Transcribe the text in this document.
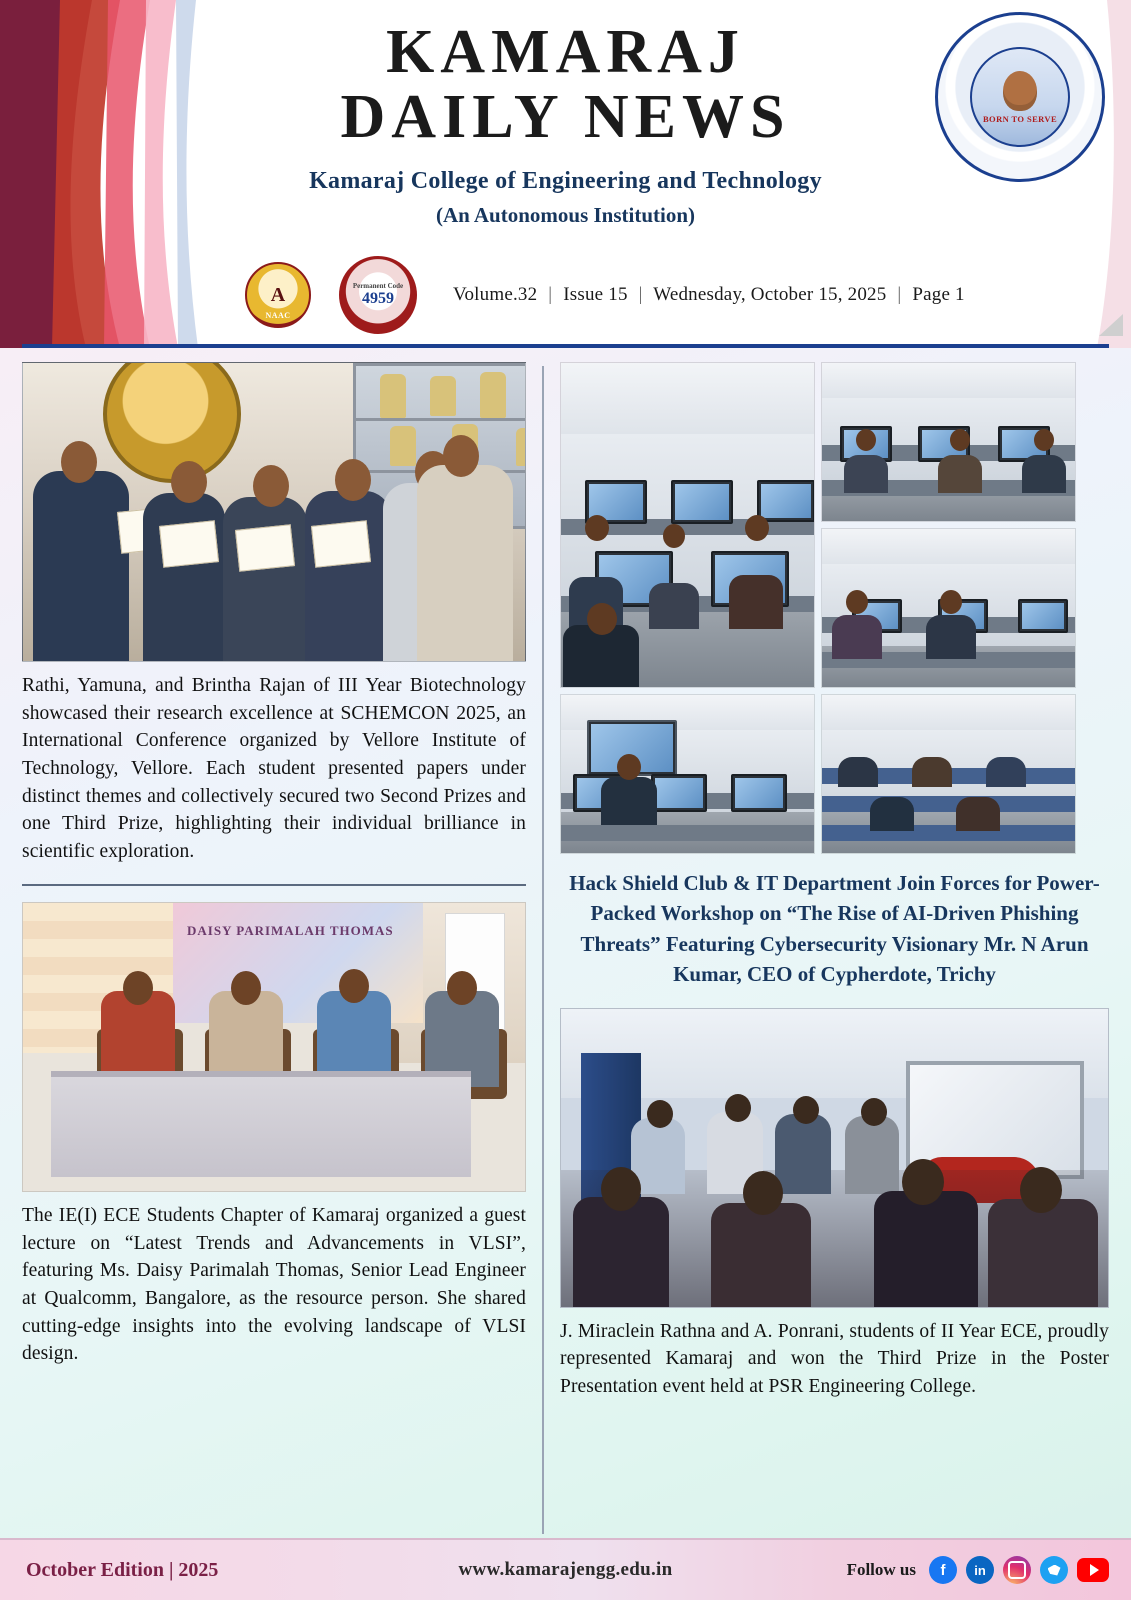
KAMARAJ
DAILY NEWS
Kamaraj College of Engineering and Technology
(An Autonomous Institution)
BORN TO SERVE
A
NAAC
Permanent Code
4959	Volume.32 | Issue 15 | Wednesday, October 15, 2025 | Page 1
Rathi, Yamuna, and Brintha Rajan of III Year Biotechnology showcased their research excellence at SCHEMCON 2025, an International Conference organized by Vellore Institute of Technology, Vellore. Each student presented papers under distinct themes and collectively secured two Second Prizes and one Third Prize, highlighting their individual brilliance in scientific exploration.
DAISY PARIMALAH THOMAS
The IE(I) ECE Students Chapter of Kamaraj organized a guest lecture on “Latest Trends and Advancements in VLSI”, featuring Ms. Daisy Parimalah Thomas, Senior Lead Engineer at Qualcomm, Bangalore, as the resource person. She shared cutting-edge insights into the evolving landscape of VLSI design.
Hack Shield Club & IT Department Join Forces for Power-Packed Workshop on “The Rise of AI-Driven Phishing Threats” Featuring Cybersecurity Visionary Mr. N Arun Kumar, CEO of Cypherdote, Trichy
J. Miraclein Rathna and A. Ponrani, students of II Year ECE, proudly represented Kamaraj and won the Third Prize in the Poster Presentation event held at PSR Engineering College.
October Edition | 2025	www.kamarajengg.edu.in	Follow us	f	in
